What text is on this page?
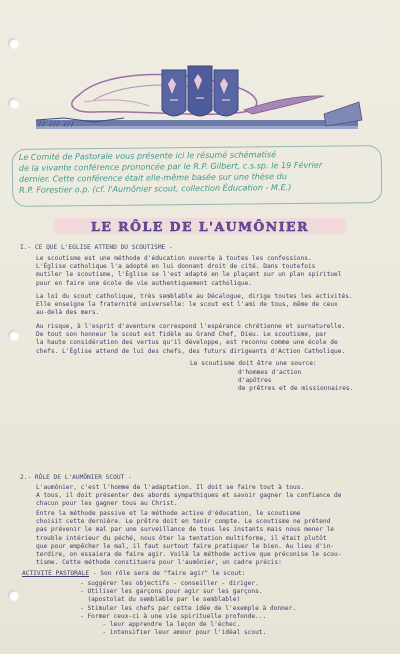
// /// ///
Le Comité de Pastorale vous présente ici le résumé schématisé
de la vivante conférence prononcée par le R.P. Gilbert, c.s.sp. le 19 Février
dernier. Cette conférence était elle-même basée sur une thèse du
R.P. Forestier o.p. (cf. l'Aumônier scout, collection Éducation - M.E.)
LE RÔLE DE L'AUMÔNIER
I.- CE QUE L'EGLISE ATTEND DU SCOUTISME -
Le scoutisme est une méthode d'éducation ouverte à toutes les confessions.
L'Église catholique l'a adopté en lui donnant droit de cité. Dans toutefois
mutiler le scoutisme, l'Église se l'est adapté en le plaçant sur un plan spirituel
pour en faire une école de vie authentiquement catholique.
La loi du scout catholique, très semblable au Décalogue, dirige toutes les activités.
Elle enseigne la fraternité universelle: le scout est l'ami de tous, même de ceux
au-delà des mers.
Au risque, à l'esprit d'aventure correspond l'espérance chrétienne et surnaturelle.
De tout son honneur le scout est fidèle au Grand Chef, Dieu. Le scoutisme, par
la haute considération des vertus qu'il développe, est reconnu comme une école de
chefs. L'Église attend de lui des chefs, des futurs dirigeants d'Action Catholique.
Le scoutisme doit être une source:
d'hommes d'action
d'apôtres
de prêtres et de missionnaires.
2.- RÔLE DE L'AUMÔNIER SCOUT -
L'aumônier, c'est l'homme de l'adaptation. Il doit se faire tout à tous.
A tous, il doit présenter des abords sympathiques et savoir gagner la confiance de
chacun pour les gagner tous au Christ.
Entre la méthode passive et la méthode active d'éducation, le scoutisme
choisit cette dernière. Le prêtre doit en tenir compte. Le scoutisme ne prétend
pas prévenir le mal par une surveillance de tous les instants mais nous mener le
trouble intérieur du péché, nous ôter la tentation multiforme, il était plutôt
que pour empêcher le mal, il faut surtout faire pratiquer le bien. Au lieu d'in-
terdire, on essaiera de faire agir. Voilà la méthode active que préconise le scou-
tisme. Cette méthode constituera pour l'aumônier, un cadre précis:
ACTIVITÉ PASTORALE - Son rôle sera de "faire agir" le scout:
- suggérer les objectifs - conseiller - diriger.
- Utiliser les garçons pour agir sur les garçons.
(apostolat du semblable par le semblable)
- Stimuler les chefs par cette idée de l'exemple à donner.
- Former ceux-ci à une vie spirituelle profonde...
- leur apprendre la leçon de l'échec.
- intensifier leur amour pour l'idéal scout.
